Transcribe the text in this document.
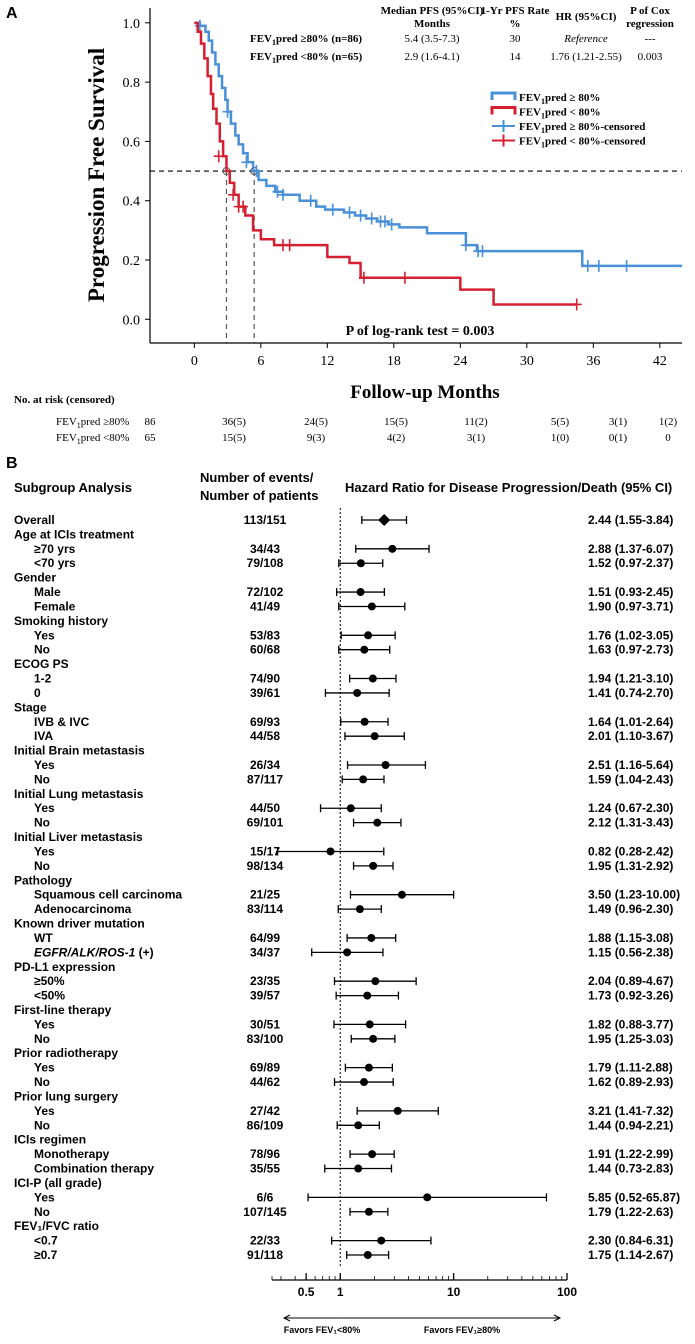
A
B
0.0
0.2
0.4
0.6
0.8
1.0
0	6	12	18	24	30	36	42
Progression Free Survival
Follow-up Months
P of log-rank test = 0.003
Median PFS (95%CI)
Months
1-Yr PFS Rate
%
HR (95%CI) P of Cox
regression
$FEV_1pred \ge 80\%$ (n=86)	5.4 (3.5-7.3)	30	Reference	---
$FEV_1pred <80\%$ (n=65)	2.9 (1.6-4.1)	14	1.76 (1.21-2.55) 0.003
$FEV_1pred \ge 80\%$
$FEV_1pred < 80\%$
$FEV_1pred$ ≥ 80%-censored
$FEV_1pred$ < 80%-censored
No. at risk (censored)
$FEV_1pred \ge 80\%$ 86	36(5)	24(5)	15(5)	11(2)	5(5)	3(1)	1(2)
$FEV_1pred <80\%$ 65	15(5)	9(3)	4(2)	3(1)	1(0)	0(1)	0
Subgroup Analysis
Number of events/
Number of patients
Hazard Ratio for Disease Progression/Death (95% CI)
Overall	113/151	2.44 (1.55-3.84)
Age at ICIs treatment
≥70 yrs	34/43	2.88 (1.37-6.07)
<70 yrs	79/108	1.52 (0.97-2.37)
Gender
Male	72/102	1.51 (0.93-2.45)
Female	41/49	1.90 (0.97-3.71)
Smoking history
Yes	53/83	1.76 (1.02-3.05)
No	60/68	1.63 (0.97-2.73)
ECOG PS
1-2	74/90	1.94 (1.21-3.10)
0	39/61	1.41 (0.74-2.70)
Stage
IVB & IVC	69/93	1.64 (1.01-2.64)
IVA	44/58	2.01 (1.10-3.67)
Initial Brain metastasis
Yes	26/34	2.51 (1.16-5.64)
No	87/117	1.59 (1.04-2.43)
Initial Lung metastasis
Yes	44/50	1.24 (0.67-2.30)
No	69/101	2.12 (1.31-3.43)
Initial Liver metastasis
Yes	15/17	0.82 (0.28-2.42)
No	98/134	1.95 (1.31-2.92)
Pathology
Squamous cell carcinoma	21/25	3.50 (1.23-10.00)
Adenocarcinoma	83/114	1.49 (0.96-2.30)
Known driver mutation
WT	64/99	1.88 (1.15-3.08)
EGFR/ALK/ROS-1 (+)	34/37	1.15 (0.56-2.38)
PD-L1 expression
≥50%	23/35	2.04 (0.89-4.67)
<50%	39/57	1.73 (0.92-3.26)
First-line therapy
Yes	30/51	1.82 (0.88-3.77)
No	83/100	1.95 (1.25-3.03)
Prior radiotherapy
Yes	69/89	1.79 (1.11-2.88)
No	44/62	1.62 (0.89-2.93)
Prior lung surgery
Yes	27/42	3.21 (1.41-7.32)
No	86/109	1.44 (0.94-2.21)
ICIs regimen
Monotherapy	78/96	1.91 (1.22-2.99)
Combination therapy	35/55	1.44 (0.73-2.83)
ICI-P (all grade)
Yes	6/6	5.85 (0.52-65.87)
No	107/145	1.79 (1.22-2.63)
FEV₁/FVC ratio
<0.7	22/33	2.30 (0.84-6.31)
≥0.7	91/118	1.75 (1.14-2.67)
0.5 1	10	100
Favors FEV₁<80%	Favors FEV₁≥80%
